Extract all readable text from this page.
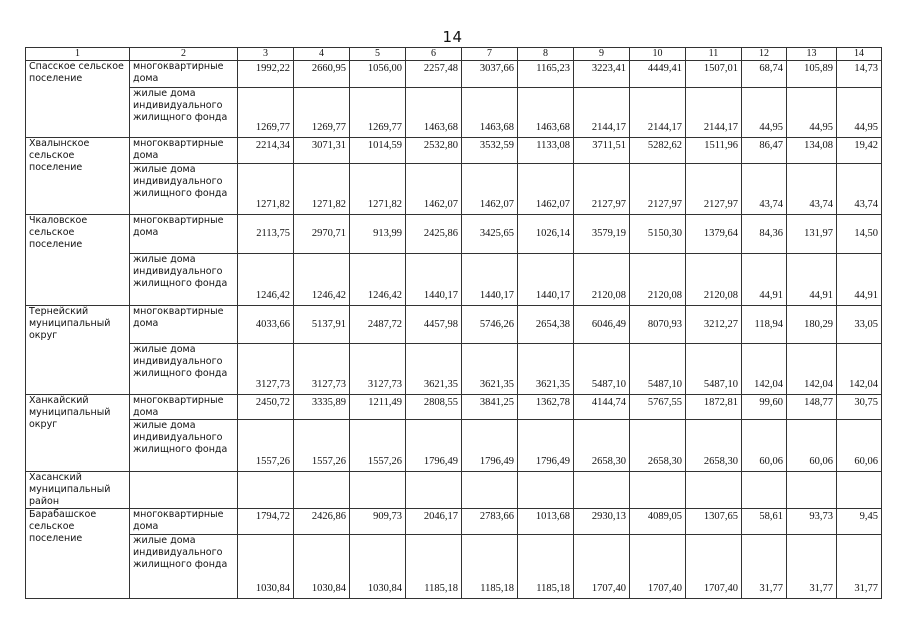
14
1	2	3	4	5	6	7	8	9	10	11	12	13	14
Спасское сельское поселение	многоквартирные дома	1992,22	2660,95	1056,00	2257,48	3037,66	1165,23	3223,41	4449,41	1507,01	68,74	105,89	14,73
	жилые дома индивидуального жилищного фонда	1269,77	1269,77	1269,77	1463,68	1463,68	1463,68	2144,17	2144,17	2144,17	44,95	44,95	44,95
Хвалынское сельское поселение	многоквартирные дома	2214,34	3071,31	1014,59	2532,80	3532,59	1133,08	3711,51	5282,62	1511,96	86,47	134,08	19,42
	жилые дома индивидуального жилищного фонда	1271,82	1271,82	1271,82	1462,07	1462,07	1462,07	2127,97	2127,97	2127,97	43,74	43,74	43,74
Чкаловское сельское поселение	многоквартирные дома	2113,75	2970,71	913,99	2425,86	3425,65	1026,14	3579,19	5150,30	1379,64	84,36	131,97	14,50
	жилые дома индивидуального жилищного фонда	1246,42	1246,42	1246,42	1440,17	1440,17	1440,17	2120,08	2120,08	2120,08	44,91	44,91	44,91
Тернейский муниципальный округ	многоквартирные дома	4033,66	5137,91	2487,72	4457,98	5746,26	2654,38	6046,49	8070,93	3212,27	118,94	180,29	33,05
	жилые дома индивидуального жилищного фонда	3127,73	3127,73	3127,73	3621,35	3621,35	3621,35	5487,10	5487,10	5487,10	142,04	142,04	142,04
Ханкайский муниципальный округ	многоквартирные дома	2450,72	3335,89	1211,49	2808,55	3841,25	1362,78	4144,74	5767,55	1872,81	99,60	148,77	30,75
	жилые дома индивидуального жилищного фонда	1557,26	1557,26	1557,26	1796,49	1796,49	1796,49	2658,30	2658,30	2658,30	60,06	60,06	60,06
Хасанский муниципальный район													
Барабашское сельское поселение	многоквартирные дома	1794,72	2426,86	909,73	2046,17	2783,66	1013,68	2930,13	4089,05	1307,65	58,61	93,73	9,45
	жилые дома индивидуального жилищного фонда	1030,84	1030,84	1030,84	1185,18	1185,18	1185,18	1707,40	1707,40	1707,40	31,77	31,77	31,77
